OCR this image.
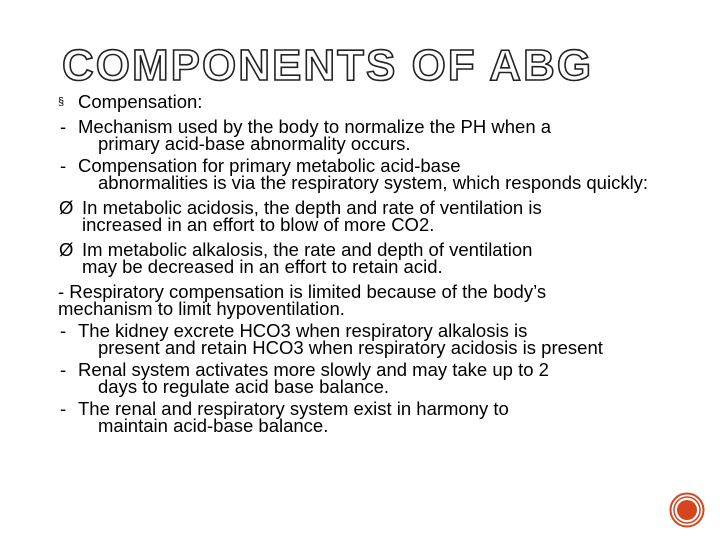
COMPONENTS OF ABG
§ Compensation:
- Mechanism used by the body to normalize the PH when a
primary acid-base abnormality occurs.
- Compensation for primary metabolic acid-base
abnormalities is via the respiratory system, which responds quickly:
Ø In metabolic acidosis, the depth and rate of ventilation is
increased in an effort to blow of more CO2.
Ø Im metabolic alkalosis, the rate and depth of ventilation
may be decreased in an effort to retain acid.
- Respiratory compensation is limited because of the body’s
mechanism to limit hypoventilation.
- The kidney excrete HCO3 when respiratory alkalosis is
present and retain HCO3 when respiratory acidosis is present
- Renal system activates more slowly and may take up to 2
days to regulate acid base balance.
- The renal and respiratory system exist in harmony to
maintain acid-base balance.
